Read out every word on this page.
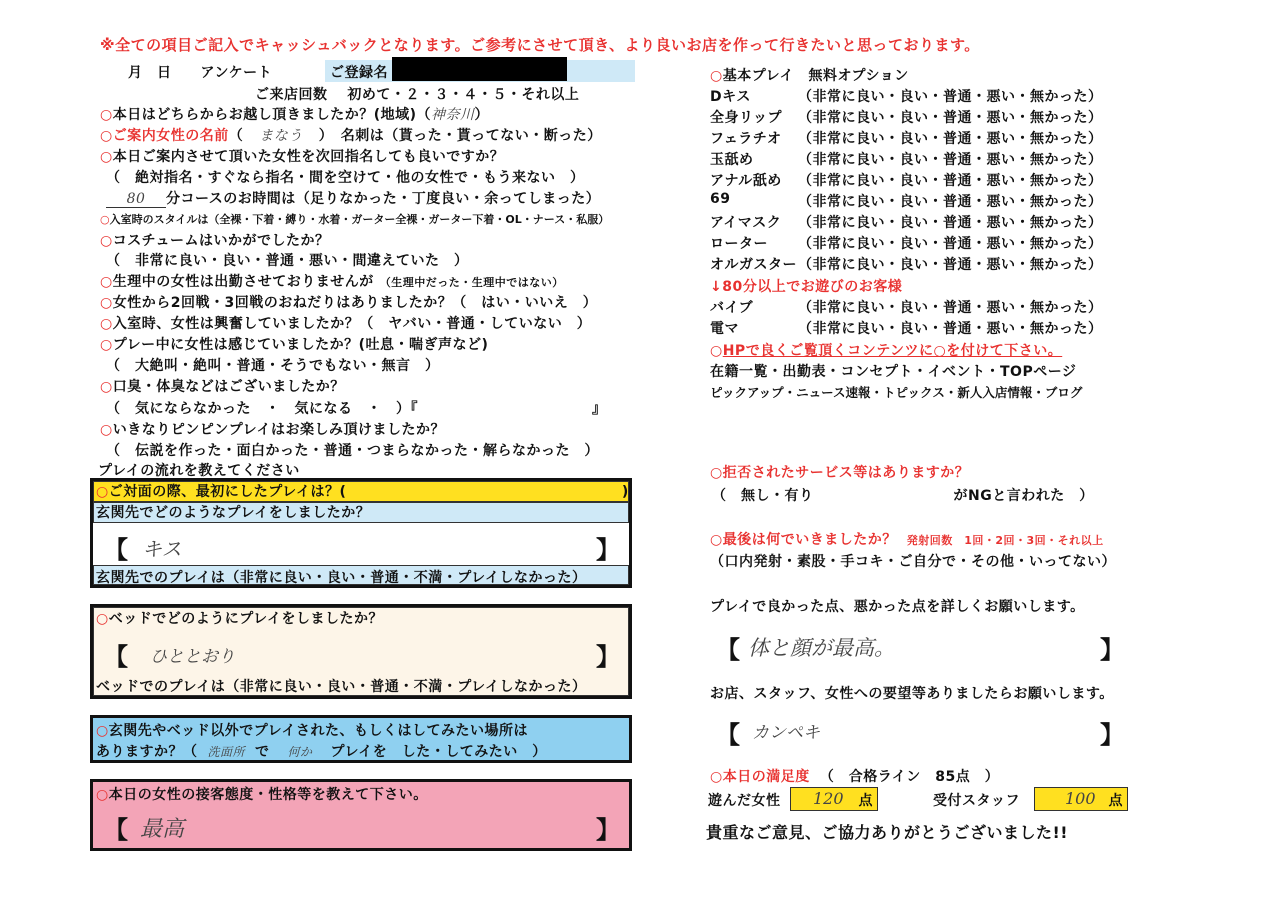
※全ての項目ご記入でキャッシュバックとなります。ご参考にさせて頂き、より良いお店を作って行きたいと思っております。
月　日　　アンケート	ご登録名
ご来店回数　 初めて・２・３・４・５・それ以上
○本日はどちらからお越し頂きましたか？(地域)（神奈川）
○ご案内女性の名前（ まなう ）　名刺は（貰った・貰ってない・断った）
○本日ご案内させて頂いた女性を次回指名しても良いですか？
（　絶対指名・すぐなら指名・間を空けて・他の女性で・もう来ない　）
80 分コースのお時間は（足りなかった・丁度良い・余ってしまった）
○入室時のスタイルは（全裸・下着・縛り・水着・ガーター全裸・ガーター下着・OL・ナース・私服）
○コスチュームはいかがでしたか？
（　非常に良い・良い・普通・悪い・間違えていた　）
○生理中の女性は出勤させておりませんが （生理中だった・生理中ではない）
○女性から2回戦・3回戦のおねだりはありましたか？（　はい・いいえ　）
○入室時、女性は興奮していましたか？（　ヤバい・普通・していない　）
○プレー中に女性は感じていましたか？(吐息・喘ぎ声など)
（　大絶叫・絶叫・普通・そうでもない・無言　）
○口臭・体臭などはございましたか？
（　気にならなかった　・　気になる　・　）『　　　　　　　　　　　　』
○いきなりピンピンプレイはお楽しみ頂けましたか？
（　伝説を作った・面白かった・普通・つまらなかった・解らなかった　）
プレイの流れを教えてください
○ご対面の際、最初にしたプレイは？(　　　　　　　　　　　　　　　　　　　)
玄関先でどのようなプレイをしましたか？
【 キス	】
玄関先でのプレイは（非常に良い・良い・普通・不満・プレイしなかった）
○ベッドでどのようにプレイをしましたか？
【 ひととおり	】
ベッドでのプレイは（非常に良い・良い・普通・不満・プレイしなかった）
○玄関先やベッド以外でプレイされた、もしくはしてみたい場所は
ありますか？（ 洗面所 で 何か プレイを　した・してみたい　）
○本日の女性の接客態度・性格等を教えて下さい。
【 最高	】
○基本プレイ　無料オプション
Dキス	（非常に良い・良い・普通・悪い・無かった）
全身リップ （非常に良い・良い・普通・悪い・無かった）
フェラチオ （非常に良い・良い・普通・悪い・無かった）
玉舐め	（非常に良い・良い・普通・悪い・無かった）
アナル舐め （非常に良い・良い・普通・悪い・無かった）
69	（非常に良い・良い・普通・悪い・無かった）
アイマスク （非常に良い・良い・普通・悪い・無かった）
ローター （非常に良い・良い・普通・悪い・無かった）
オルガスター （非常に良い・良い・普通・悪い・無かった）
↓80分以上でお遊びのお客様
バイブ	（非常に良い・良い・普通・悪い・無かった）
電マ	（非常に良い・良い・普通・悪い・無かった）
○HPで良くご覧頂くコンテンツに○を付けて下さい。
在籍一覧・出勤表・コンセプト・イベント・TOPページ
ピックアップ・ニュース速報・トピックス・新人入店情報・ブログ
○拒否されたサービス等はありますか？
（　無し・有り	がNGと言われた　）
○最後は何でいきましたか？ 発射回数　1回・2回・3回・それ以上
（口内発射・素股・手コキ・ご自分で・その他・いってない）
プレイで良かった点、悪かった点を詳しくお願いします。
【 体と顔が最高。	】
お店、スタッフ、女性への要望等ありましたらお願いします。
【 カンペキ	】
○本日の満足度 （　合格ライン　85点　）
遊んだ女性 120 点	受付スタッフ	100 点
貴重なご意見、ご協力ありがとうございました!!
